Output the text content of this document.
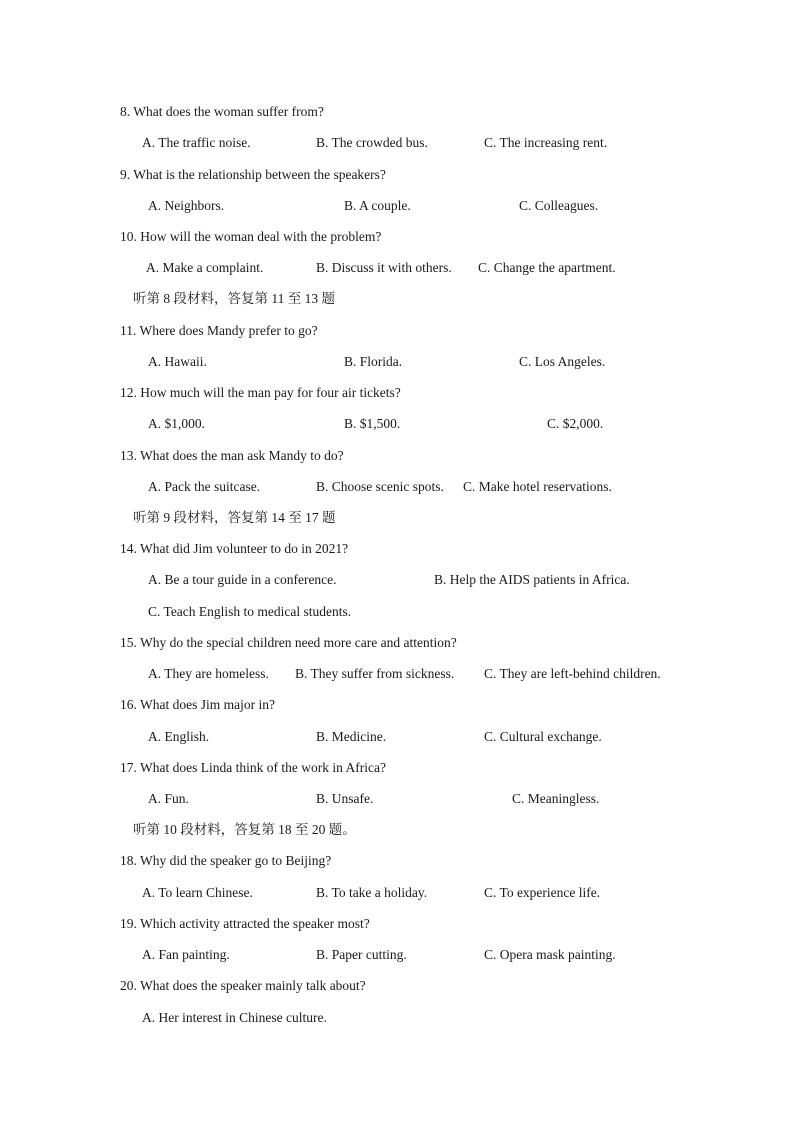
8. What does the woman suffer from?
A. The traffic noise.	B. The crowded bus.	C. The increasing rent.
9. What is the relationship between the speakers?
A. Neighbors.	B. A couple.	C. Colleagues.
10. How will the woman deal with the problem?
A. Make a complaint.	B. Discuss it with others. C. Change the apartment.
听第 8 段材料，答复第 11 至 13 题
11. Where does Mandy prefer to go?
A. Hawaii.	B. Florida.	C. Los Angeles.
12. How much will the man pay for four air tickets?
A. $1,000.	B. $1,500.	C. $2,000.
13. What does the man ask Mandy to do?
A. Pack the suitcase.	B. Choose scenic spots. C. Make hotel reservations.
听第 9 段材料，答复第 14 至 17 题
14. What did Jim volunteer to do in 2021?
A. Be a tour guide in a conference.	B. Help the AIDS patients in Africa.
C. Teach English to medical students.
15. Why do the special children need more care and attention?
A. They are homeless. B. They suffer from sickness. C. They are left-behind children.
16. What does Jim major in?
A. English.	B. Medicine.	C. Cultural exchange.
17. What does Linda think of the work in Africa?
A. Fun.	B. Unsafe.	C. Meaningless.
听第 10 段材料，答复第 18 至 20 题。
18. Why did the speaker go to Beijing?
A. To learn Chinese.	B. To take a holiday.	C. To experience life.
19. Which activity attracted the speaker most?
A. Fan painting.	B. Paper cutting.	C. Opera mask painting.
20. What does the speaker mainly talk about?
A. Her interest in Chinese culture.
